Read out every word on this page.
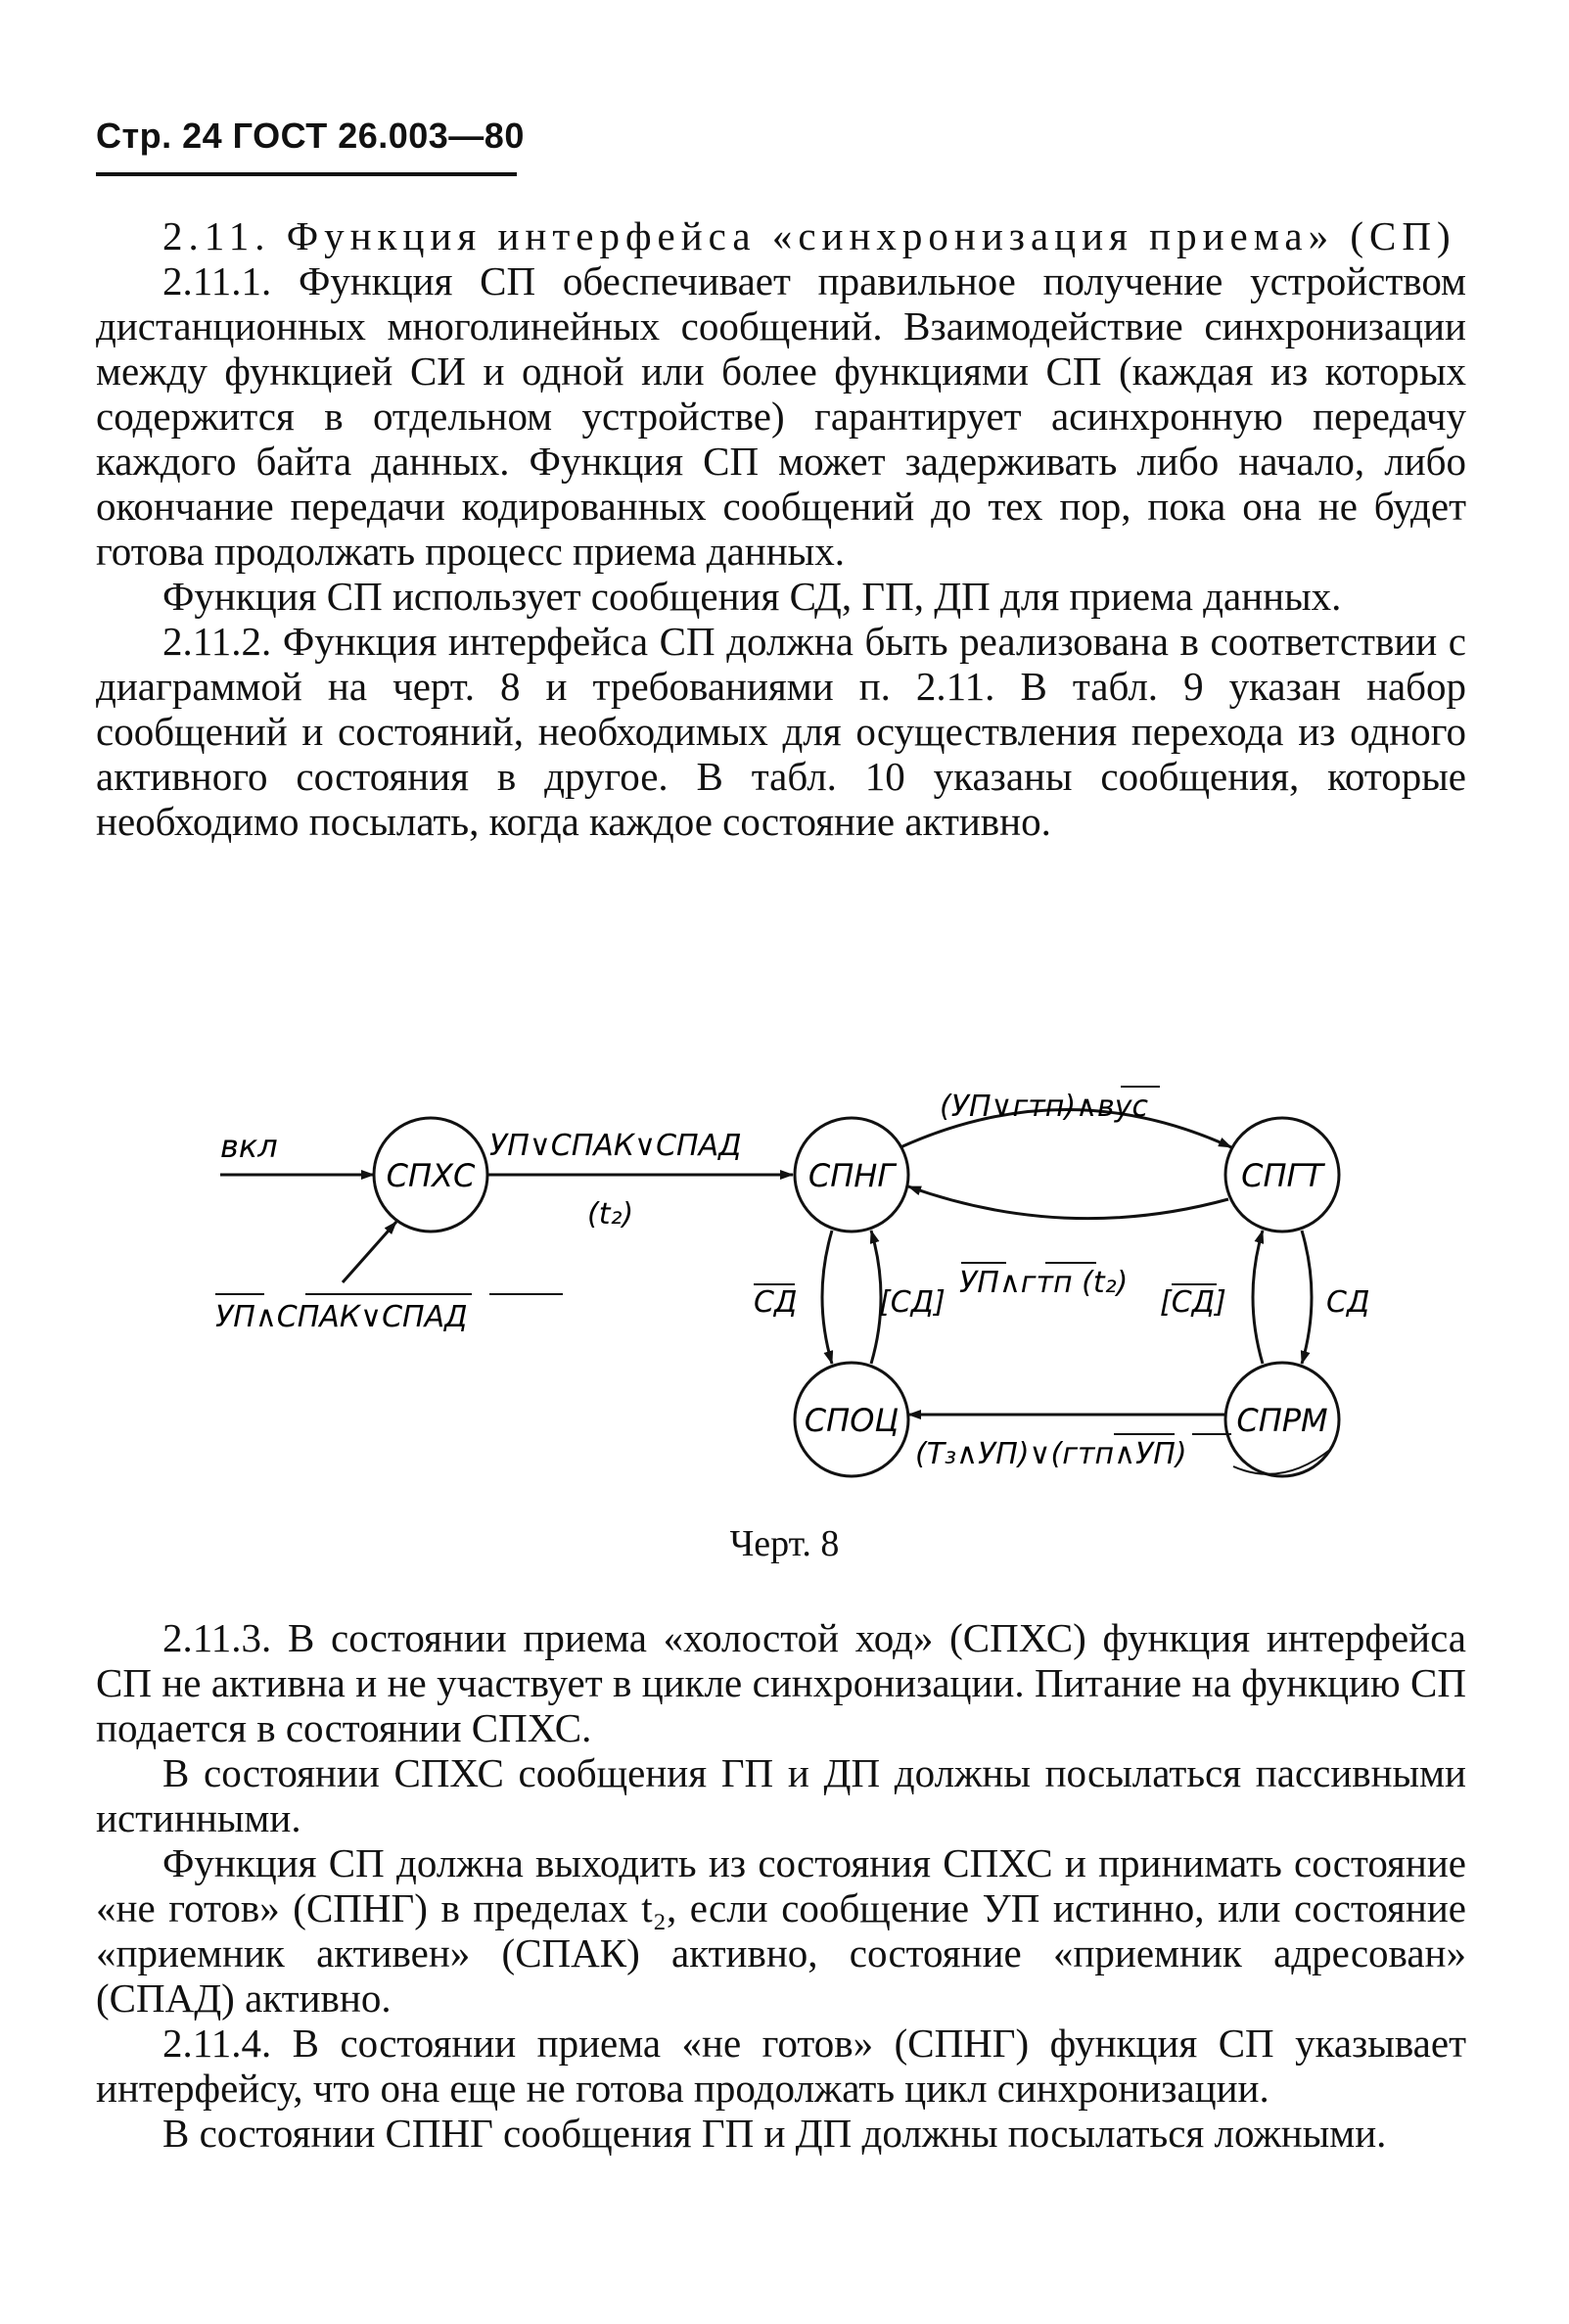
Стр. 24 ГОСТ 26.003—80

2.11. Функция интерфейса «синхронизация приема» (СП)

2.11.1. Функция СП обеспечивает правильное получение устройством дистанционных многолинейных сообщений. Взаимодействие синхронизации между функцией СИ и одной или более функциями СП (каждая из которых содержится в отдельном устройстве) гарантирует асинхронную передачу каждого байта данных. Функция СП может задерживать либо начало, либо окончание передачи кодированных сообщений до тех пор, пока она не будет готова продолжать процесс приема данных.

Функция СП использует сообщения СД, ГП, ДП для приема данных.

2.11.2. Функция интерфейса СП должна быть реализована в соответствии с диаграммой на черт. 8 и требованиями п. 2.11. В табл. 9 указан набор сообщений и состояний, необходимых для осуществления перехода из одного активного состояния в другое. В табл. 10 указаны сообщения, которые необходимо посылать, когда каждое состояние активно.

СПХС	СПНГ	СПГТ
СПОЦ	СПРМ
вкл
УП∧СПАК∨СПАД
УП∨СПАК∨СПАД
(t₂)
(УП∨гтп)∧вус
УП∧гтп (t₂)
СД	[СД]	[СД]	СД
(T₃∧УП)∨(гтп∧УП)
Черт. 8

2.11.3. В состоянии приема «холостой ход» (СПХС) функция интерфейса СП не активна и не участвует в цикле синхронизации. Питание на функцию СП подается в состоянии СПХС.

В состоянии СПХС сообщения ГП и ДП должны посылаться пассивными истинными.

Функция СП должна выходить из состояния СПХС и принимать состояние «не готов» (СПНГ) в пределах t₂, если сообщение УП истинно, или состояние «приемник активен» (СПАК) активно, состояние «приемник адресован» (СПАД) активно.

2.11.4. В состоянии приема «не готов» (СПНГ) функция СП указывает интерфейсу, что она еще не готова продолжать цикл синхронизации.

В состоянии СПНГ сообщения ГП и ДП должны посылаться ложными.
